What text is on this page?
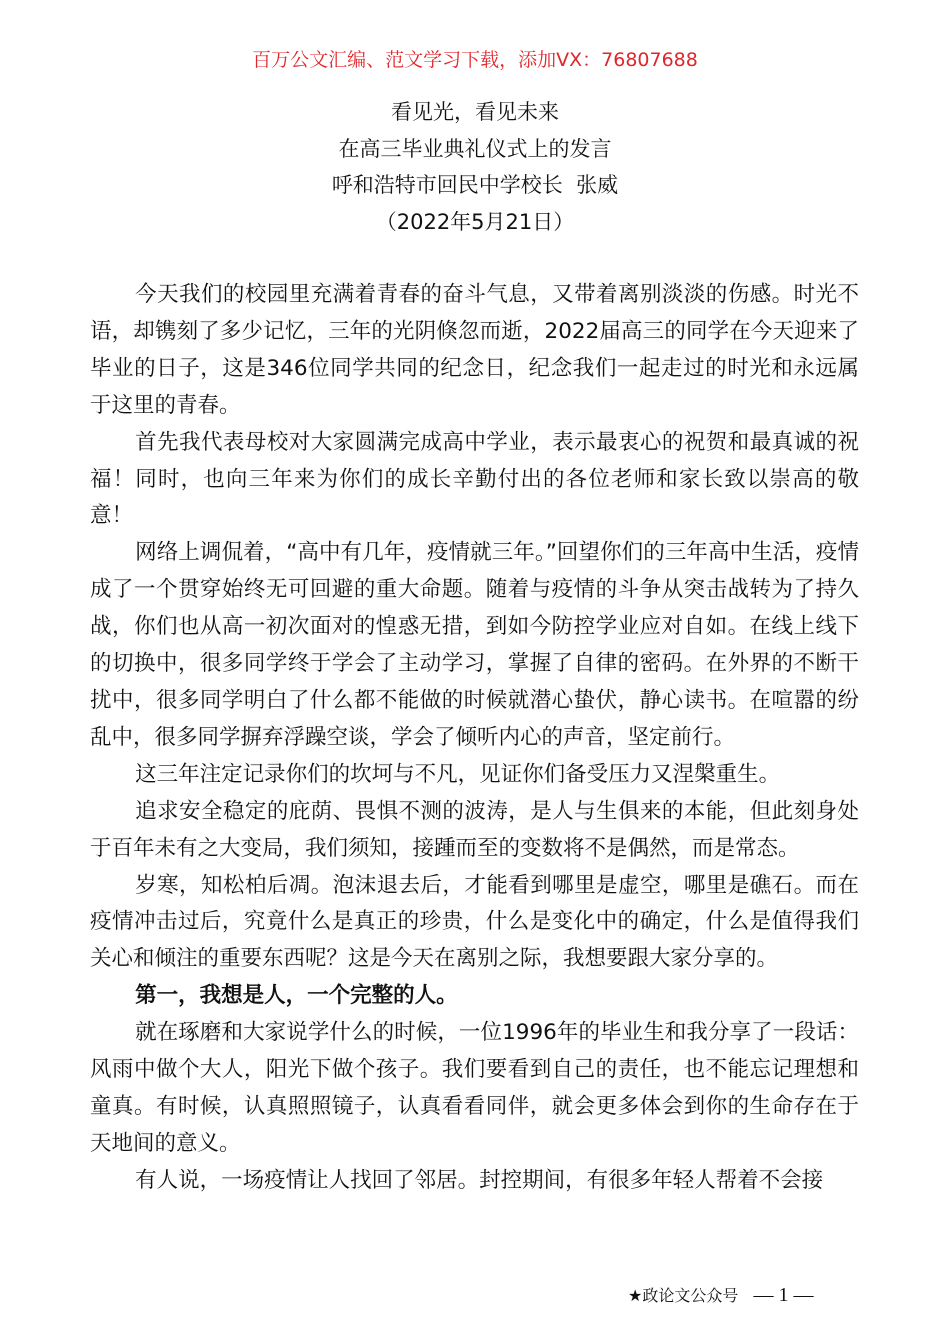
百万公文汇编、范文学习下载，添加VX：76807688
看见光，看见未来
在高三毕业典礼仪式上的发言
呼和浩特市回民中学校长  张威
（2022年5月21日）

今天我们的校园里充满着青春的奋斗气息，又带着离别淡淡的伤感。时光不语，却镌刻了多少记忆，三年的光阴倏忽而逝，2022届高三的同学在今天迎来了毕业的日子，这是346位同学共同的纪念日，纪念我们一起走过的时光和永远属于这里的青春。

首先我代表母校对大家圆满完成高中学业，表示最衷心的祝贺和最真诚的祝福！同时，也向三年来为你们的成长辛勤付出的各位老师和家长致以崇高的敬意！

网络上调侃着，“高中有几年，疫情就三年。”回望你们的三年高中生活，疫情成了一个贯穿始终无可回避的重大命题。随着与疫情的斗争从突击战转为了持久战，你们也从高一初次面对的惶惑无措，到如今防控学业应对自如。在线上线下的切换中，很多同学终于学会了主动学习，掌握了自律的密码。在外界的不断干扰中，很多同学明白了什么都不能做的时候就潜心蛰伏，静心读书。在喧嚣的纷乱中，很多同学摒弃浮躁空谈，学会了倾听内心的声音，坚定前行。

这三年注定记录你们的坎坷与不凡，见证你们备受压力又涅槃重生。

追求安全稳定的庇荫、畏惧不测的波涛，是人与生俱来的本能，但此刻身处于百年未有之大变局，我们须知，接踵而至的变数将不是偶然，而是常态。

岁寒，知松柏后凋。泡沫退去后，才能看到哪里是虚空，哪里是礁石。而在疫情冲击过后，究竟什么是真正的珍贵，什么是变化中的确定，什么是值得我们关心和倾注的重要东西呢？这是今天在离别之际，我想要跟大家分享的。

第一，我想是人，一个完整的人。

就在琢磨和大家说学什么的时候，一位1996年的毕业生和我分享了一段话：风雨中做个大人，阳光下做个孩子。我们要看到自己的责任，也不能忘记理想和童真。有时候，认真照照镜子，认真看看同伴，就会更多体会到你的生命存在于天地间的意义。

有人说，一场疫情让人找回了邻居。封控期间，有很多年轻人帮着不会接

★政论文公众号 — 1 —
